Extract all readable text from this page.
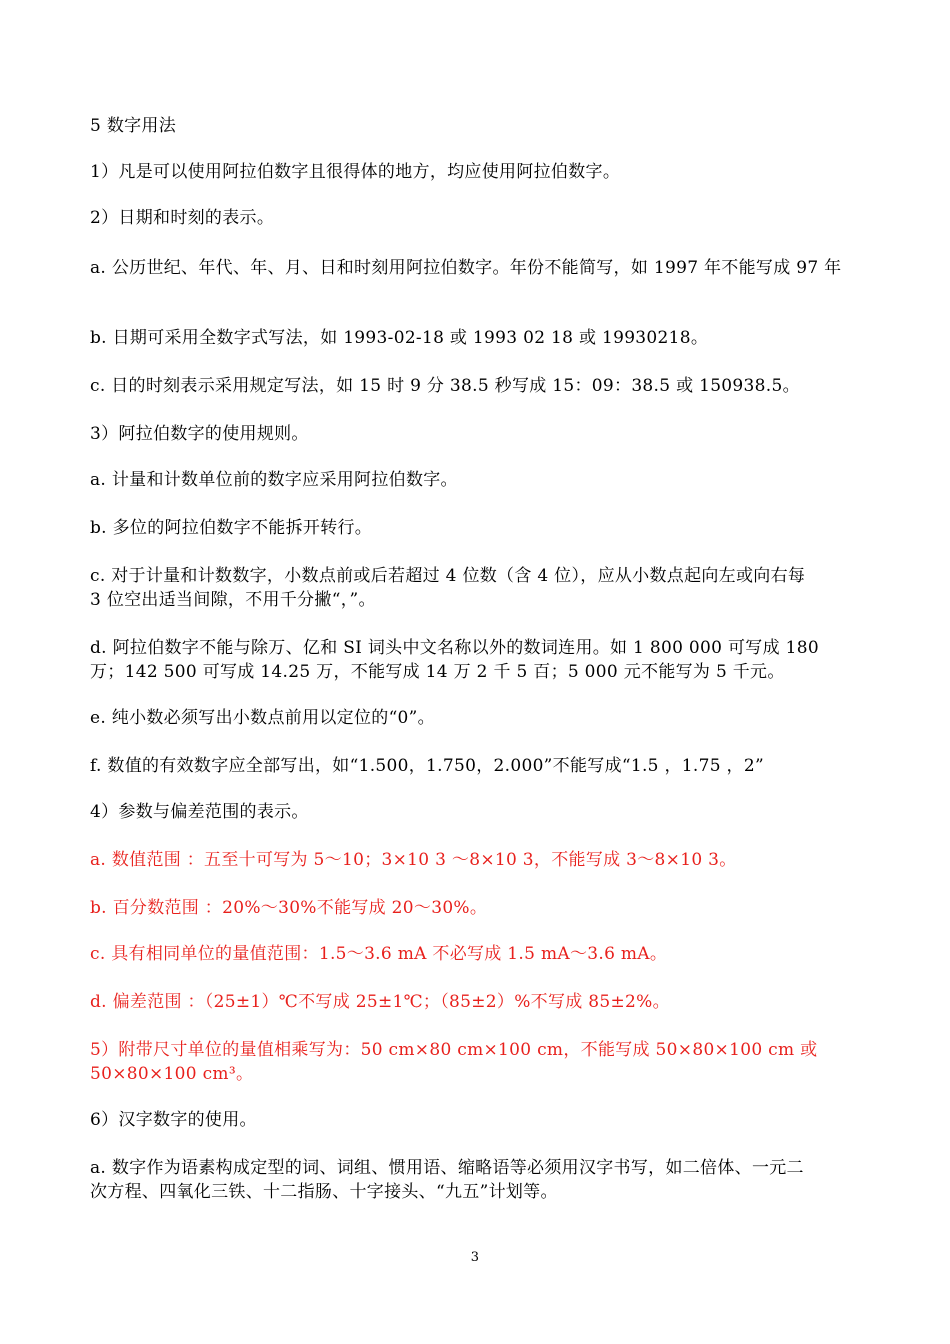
5 数字用法
1）凡是可以使用阿拉伯数字且很得体的地方，均应使用阿拉伯数字。
2）日期和时刻的表示。
a. 公历世纪、年代、年、月、日和时刻用阿拉伯数字。年份不能简写，如 1997 年不能写成 97 年
b. 日期可采用全数字式写法，如 1993-02-18 或 1993 02 18 或 19930218。
c. 日的时刻表示采用规定写法，如 15 时 9 分 38.5 秒写成 15：09：38.5 或 150938.5。
3）阿拉伯数字的使用规则。
a. 计量和计数单位前的数字应采用阿拉伯数字。
b. 多位的阿拉伯数字不能拆开转行。
c. 对于计量和计数数字，小数点前或后若超过 4 位数（含 4 位），应从小数点起向左或向右每
3 位空出适当间隙，不用千分撇“，”。
d. 阿拉伯数字不能与除万、亿和 SI 词头中文名称以外的数词连用。如 1 800 000 可写成 180
万；142 500 可写成 14.25 万，不能写成 14 万 2 千 5 百；5 000 元不能写为 5 千元。
e. 纯小数必须写出小数点前用以定位的“0”。
f. 数值的有效数字应全部写出，如“1.500，1.750，2.000”不能写成“1.5 ，1.75 ，2”
4）参数与偏差范围的表示。
a. 数值范围 ：五至十可写为 5～10；3×10 3 ～8×10 3，不能写成 3～8×10 3。
b. 百分数范围 ：20%～30%不能写成 20～30%。
c. 具有相同单位的量值范围：1.5～3.6 mA 不必写成 1.5 mA～3.6 mA。
d. 偏差范围 ：（25±1）℃不写成 25±1℃；（85±2）%不写成 85±2%。
5）附带尺寸单位的量值相乘写为：50 cm×80 cm×100 cm，不能写成 50×80×100 cm 或
50×80×100 cm³。
6）汉字数字的使用。
a. 数字作为语素构成定型的词、词组、惯用语、缩略语等必须用汉字书写，如二倍体、一元二
次方程、四氧化三铁、十二指肠、十字接头、“九五”计划等。
3
